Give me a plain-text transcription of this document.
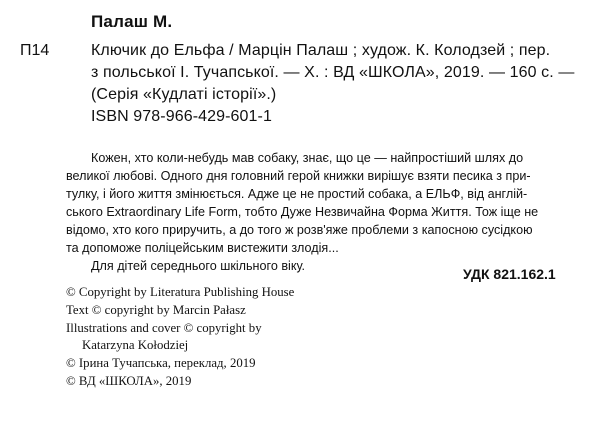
Палаш М.
П14	Ключик до Ельфа / Марцін Палаш ; худож. К. Колодзей ; пер.
з польської І. Тучапської. — Х. : ВД «ШКОЛА», 2019. — 160 с. —
(Серія «Кудлаті історії».)
ISBN 978-966-429-601-1
Кожен, хто коли-небудь мав собаку, знає, що це — найпростіший шлях до
великої любові. Одного дня головний герой книжки вирішує взяти песика з при-
тулку, і його життя змінюється. Адже це не простий собака, а ЕЛЬФ, від англій-
ського Extraordinary Life Form, тобто Дуже Незвичайна Форма Життя. Тож іще не
відомо, хто кого приручить, а до того ж розв'яже проблеми з капосною сусідкою
та допоможе поліцейським вистежити злодія...
Для дітей середнього шкільного віку.	УДК 821.162.1
© Copyright by Literatura Publishing House
Text © copyright by Marcin Pałasz
Illustrations and cover © copyright by
Katarzyna Kołodziej
© Ірина Тучапська, переклад, 2019
© ВД «ШКОЛА», 2019
